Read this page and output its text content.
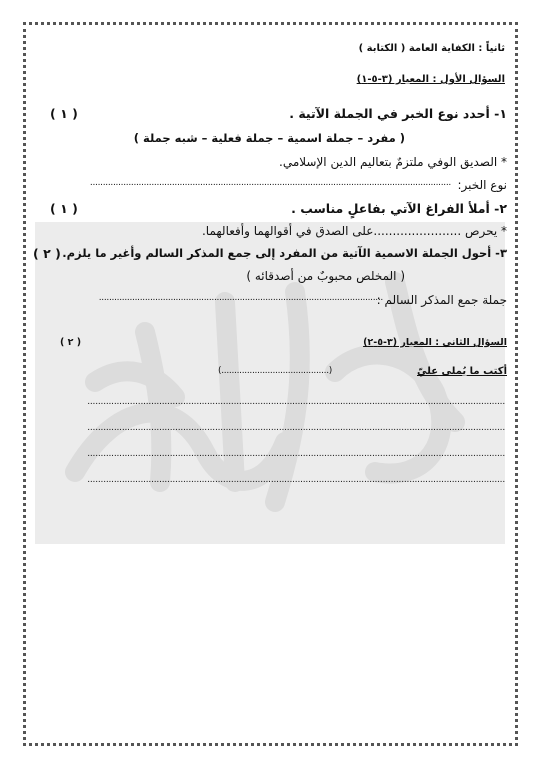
ثانياً : الكفاية العامة ( الكتابة )
السؤال الأول : المعيار (٣-٥-١)
١- أحدد نوع الخبر في الجملة الآتية .
( ١ )
( مفرد – جملة اسمية – جملة فعلية – شبه جملة )
* الصديق الوفي ملتزمٌ بتعاليم الدين الإسلامي.
نوع الخبر:
.............................................................................................................................................
٢- أملأ الفراغ الآتي بفاعلٍ مناسب .
( ١ )
* يحرص .......................على الصدق في أقوالهما وأفعالهما.
٣- أحول الجملة الاسمية الآتية من المفرد إلى جمع المذكر السالم وأغير ما يلزم.
( ٢ )
( المخلص محبوبٌ من أصدقائه )
جملة جمع المذكر السالم :
...............................................................................................................
السؤال الثاني : المعيار (٣-٥-٢)
( ٢ )
أكتب ما يُملى عليّ
(..........................................)
.............................................................................................................................................................
.............................................................................................................................................................
.............................................................................................................................................................
.............................................................................................................................................................
